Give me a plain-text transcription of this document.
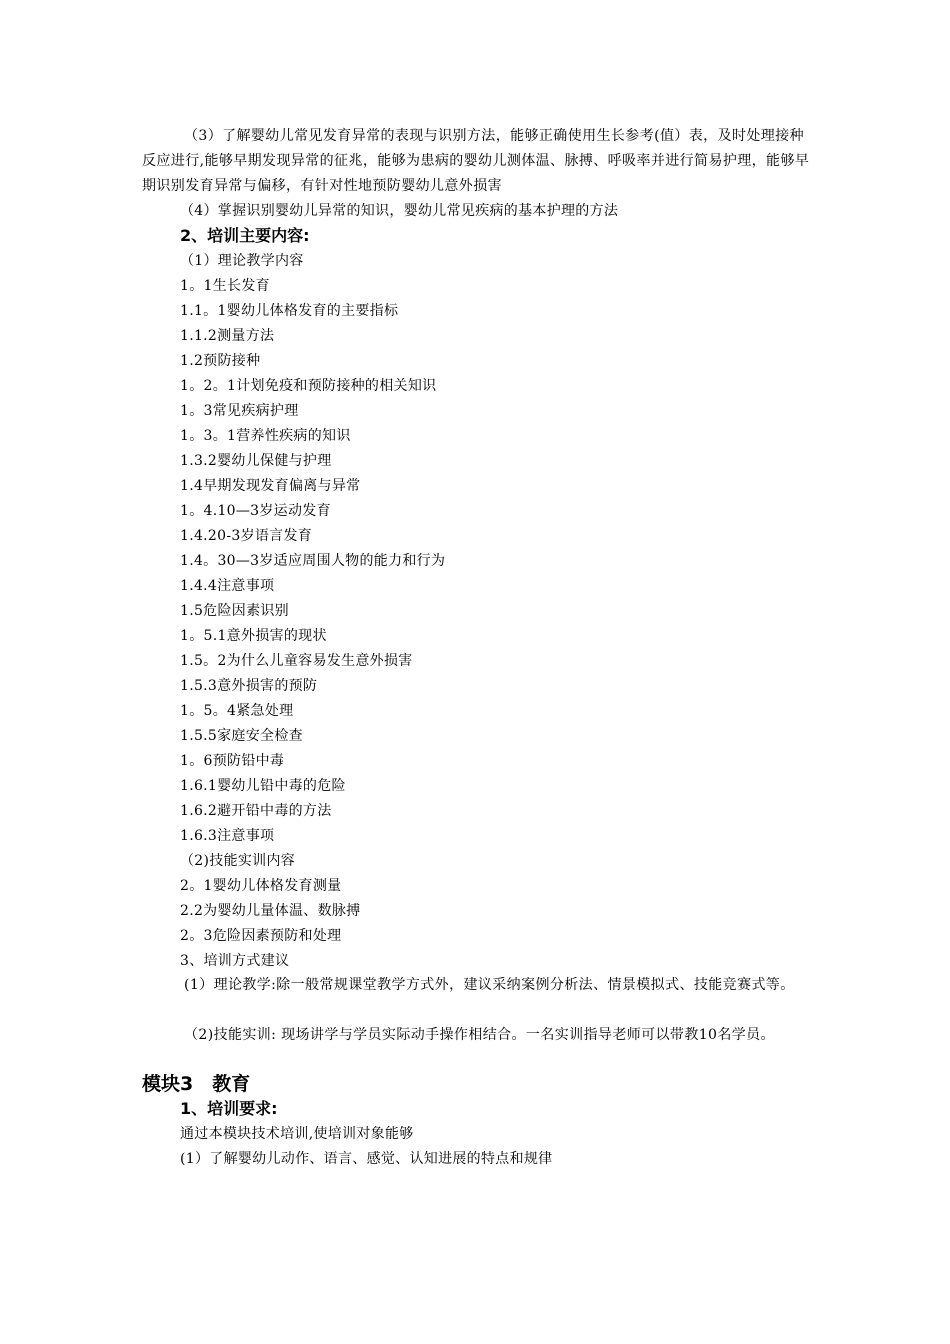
（3）了解婴幼儿常见发育异常的表现与识别方法，能够正确使用生长参考(值）表，及时处理接种反应进行,能够早期发现异常的征兆，能够为患病的婴幼儿测体温、脉搏、呼吸率并进行简易护理，能够早期识别发育异常与偏移，有针对性地预防婴幼儿意外损害
（4）掌握识别婴幼儿异常的知识，婴幼儿常见疾病的基本护理的方法
2、培训主要内容:
（1）理论教学内容
1。1生长发育
1.1。1婴幼儿体格发育的主要指标
1.1.2测量方法
1.2预防接种
1。2。1计划免疫和预防接种的相关知识
1。3常见疾病护理
1。3。1营养性疾病的知识
1.3.2婴幼儿保健与护理
1.4早期发现发育偏离与异常
1。4.10—3岁运动发育
1.4.20-3岁语言发育
1.4。30—3岁适应周围人物的能力和行为
1.4.4注意事项
1.5危险因素识别
1。5.1意外损害的现状
1.5。2为什么儿童容易发生意外损害
1.5.3意外损害的预防
1。5。4紧急处理
1.5.5家庭安全检查
1。6预防铅中毒
1.6.1婴幼儿铅中毒的危险
1.6.2避开铅中毒的方法
1.6.3注意事项
（2)技能实训内容
2。1婴幼儿体格发育测量
2.2为婴幼儿量体温、数脉搏
2。3危险因素预防和处理
3、培训方式建议
(1）理论教学:除一般常规课堂教学方式外，建议采纳案例分析法、情景模拟式、技能竞赛式等。
（2)技能实训: 现场讲学与学员实际动手操作相结合。一名实训指导老师可以带教10名学员。
模块3　教育
1、培训要求:
通过本模块技术培训,使培训对象能够
(1）了解婴幼儿动作、语言、感觉、认知进展的特点和规律
